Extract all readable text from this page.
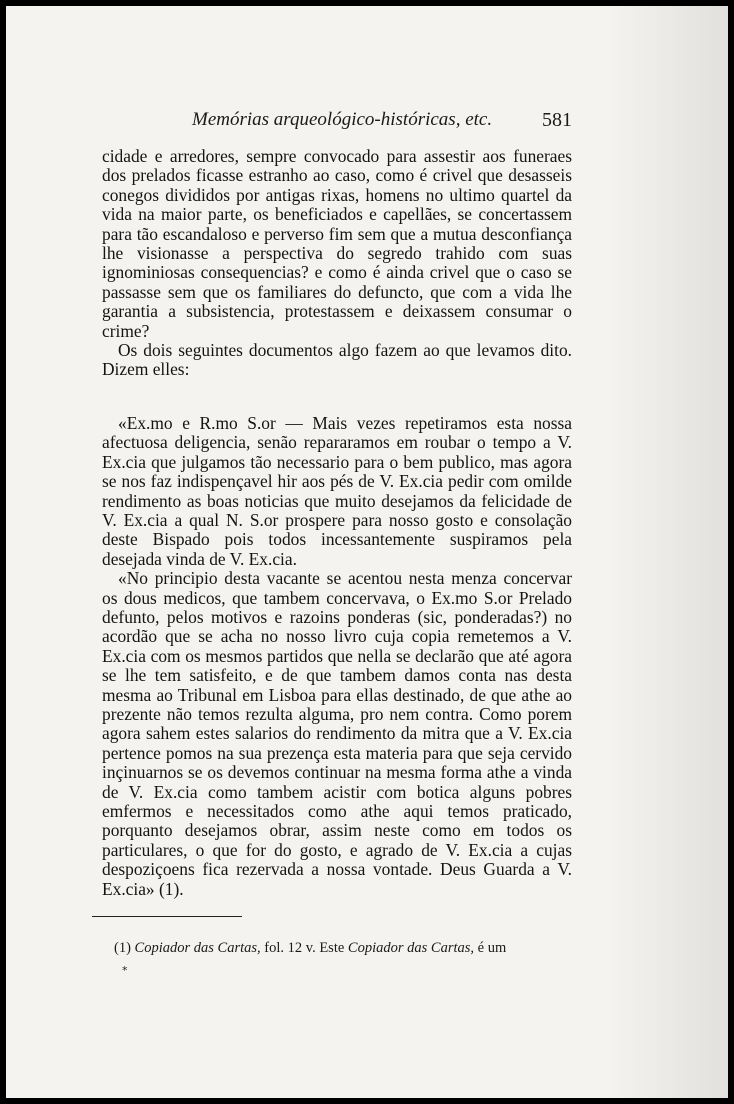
Memórias arqueológico-históricas, etc. 581

cidade e arredores, sempre convocado para assestir aos funeraes dos prelados ficasse estranho ao caso, como é crivel que desasseis conegos divididos por antigas rixas, homens no ultimo quartel da vida na maior parte, os beneficiados e capellães, se concertassem para tão escandaloso e perverso fim sem que a mutua desconfiança lhe visionasse a perspectiva do segredo trahido com suas ignominiosas consequencias? e como é ainda crivel que o caso se passasse sem que os familiares do defuncto, que com a vida lhe garantia a subsistencia, protestassem e deixassem consumar o crime?

Os dois seguintes documentos algo fazem ao que levamos dito. Dizem elles:

«Ex.mo e R.mo S.or — Mais vezes repetiramos esta nossa afectuosa deligencia, senão repararamos em roubar o tempo a V. Ex.cia que julgamos tão necessario para o bem publico, mas agora se nos faz indispençavel hir aos pés de V. Ex.cia pedir com omilde rendimento as boas noticias que muito desejamos da felicidade de V. Ex.cia a qual N. S.or prospere para nosso gosto e consolação deste Bispado pois todos incessantemente suspiramos pela desejada vinda de V. Ex.cia.

«No principio desta vacante se acentou nesta menza concervar os dous medicos, que tambem concervava, o Ex.mo S.or Prelado defunto, pelos motivos e razoins ponderas (sic, ponderadas?) no acordão que se acha no nosso livro cuja copia remetemos a V. Ex.cia com os mesmos partidos que nella se declarão que até agora se lhe tem satisfeito, e de que tambem damos conta nas desta mesma ao Tribunal em Lisboa para ellas destinado, de que athe ao prezente não temos rezulta alguma, pro nem contra. Como porem agora sahem estes salarios do rendimento da mitra que a V. Ex.cia pertence pomos na sua prezença esta materia para que seja cervido inçinuarnos se os devemos continuar na mesma forma athe a vinda de V. Ex.cia como tambem acistir com botica alguns pobres emfermos e necessitados como athe aqui temos praticado, porquanto desejamos obrar, assim neste como em todos os particulares, o que for do gosto, e agrado de V. Ex.cia a cujas despoziçoens fica rezervada a nossa vontade. Deus Guarda a V. Ex.cia» (1).

(1) Copiador das Cartas, fol. 12 v. Este Copiador das Cartas, é um
*
